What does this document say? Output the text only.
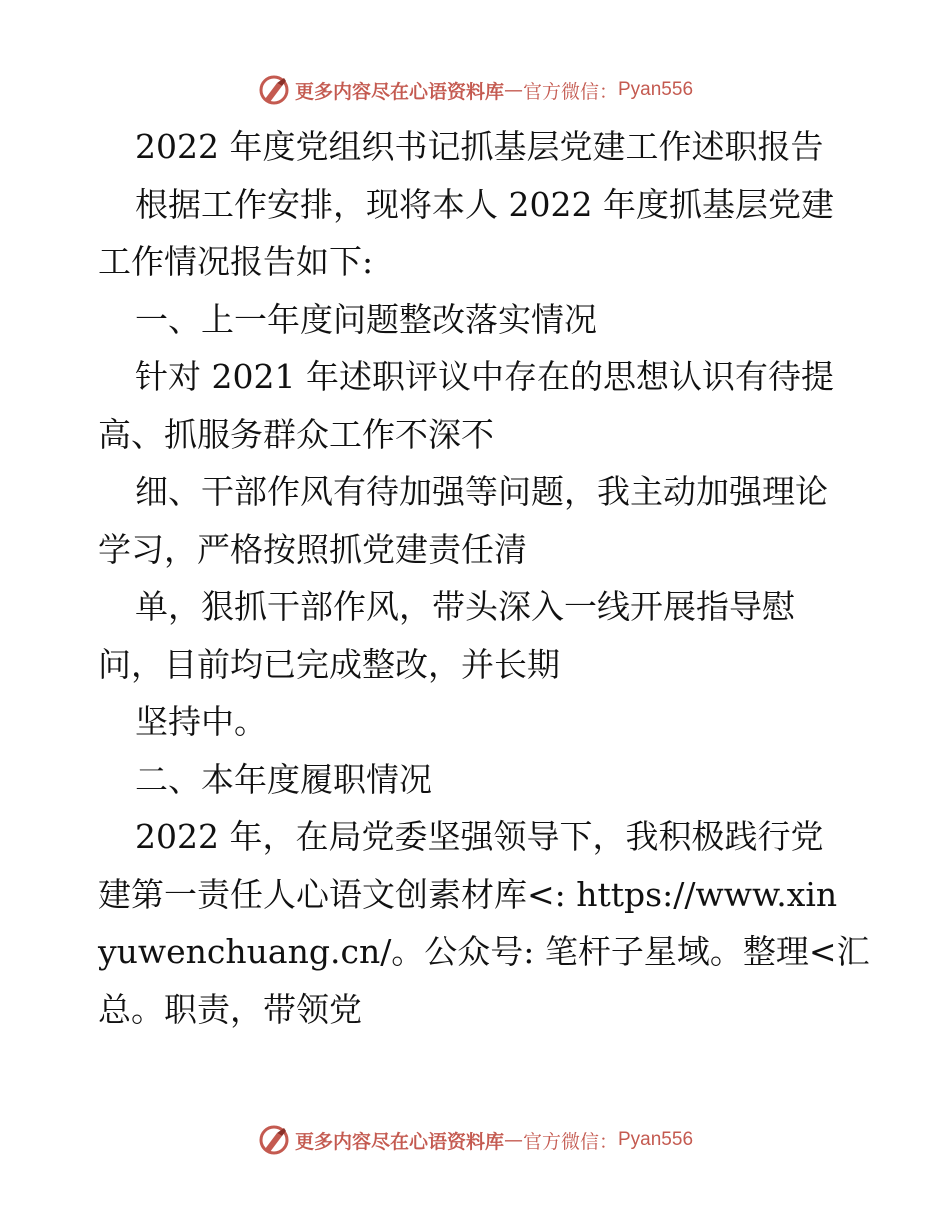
更多内容尽在心语资料库 — 官方微信： Pyan556
2022 年度党组织书记抓基层党建工作述职报告
根据工作安排，现将本人 2022 年度抓基层党建
工作情况报告如下:
一、上一年度问题整改落实情况
针对 2021 年述职评议中存在的思想认识有待提
高、抓服务群众工作不深不
细、干部作风有待加强等问题，我主动加强理论
学习，严格按照抓党建责任清
单，狠抓干部作风，带头深入一线开展指导慰
问，目前均已完成整改，并长期
坚持中。
二、本年度履职情况
2022 年，在局党委坚强领导下，我积极践行党
建第一责任人心语文创素材库<: https://www.xin
yuwenchuang.cn/。公众号: 笔杆子星域。整理<汇
总。职责，带领党
更多内容尽在心语资料库 — 官方微信： Pyan556
